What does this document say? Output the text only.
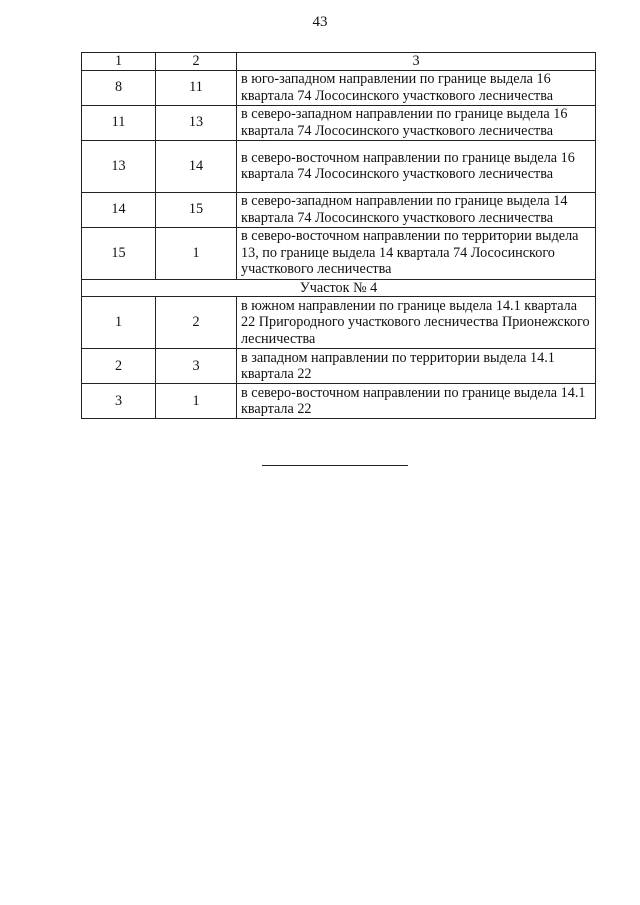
43
1	2	3
8	11	в юго-западном направлении по границе выдела 16 квартала 74 Лососинского участкового лесничества
11	13	в северо-западном направлении по границе выдела 16 квартала 74 Лососинского участкового лесничества
13	14	в северо-восточном направлении по границе выдела 16 квартала 74 Лососинского участкового лесничества
14	15	в северо-западном направлении по границе выдела 14 квартала 74 Лососинского участкового лесничества
15	1	в северо-восточном направлении по территории выдела 13, по границе выдела 14 квартала 74 Лососинского участкового лесничества
Участок № 4		
1	2	в южном направлении по границе выдела 14.1 квартала 22 Пригородного участкового лесничества Прионежского лесничества
2	3	в западном направлении по территории выдела 14.1 квартала 22
3	1	в северо-восточном направлении по границе выдела 14.1 квартала 22
